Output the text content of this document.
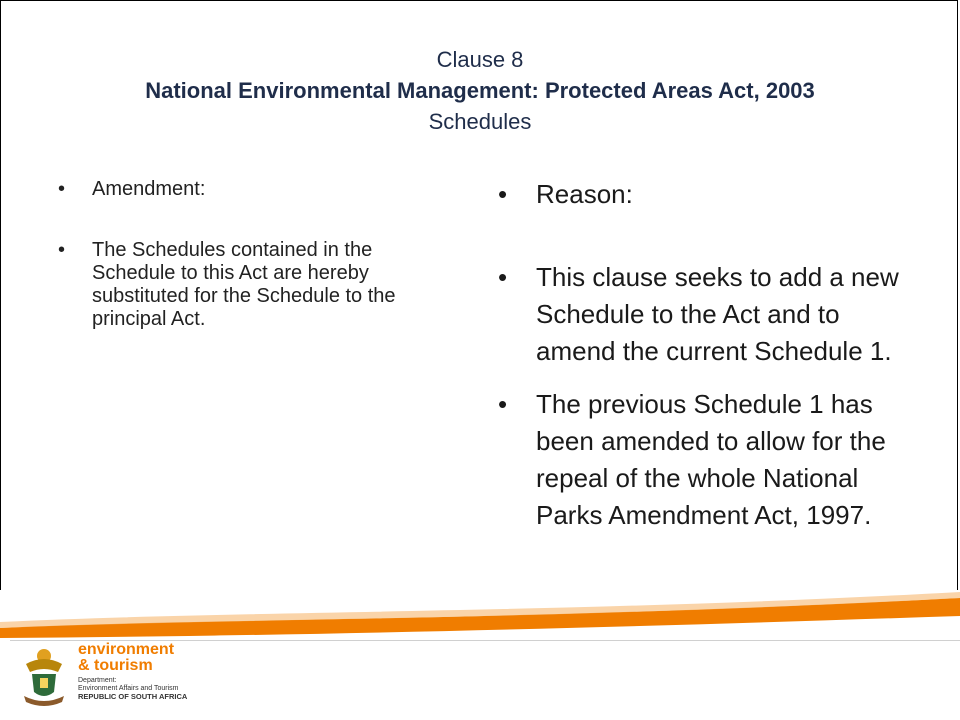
Clause 8
National Environmental Management: Protected Areas Act, 2003
Schedules
• Amendment:
• The Schedules contained in the Schedule to this Act are hereby substituted for the Schedule to the principal Act.
• Reason:
• This clause seeks to add a new Schedule to the Act and to amend the current Schedule 1.
• The previous Schedule 1 has been amended to allow for the repeal of the whole National Parks Amendment Act, 1997.
environment
& tourism
Department:
Environment Affairs and Tourism
REPUBLIC OF SOUTH AFRICA
